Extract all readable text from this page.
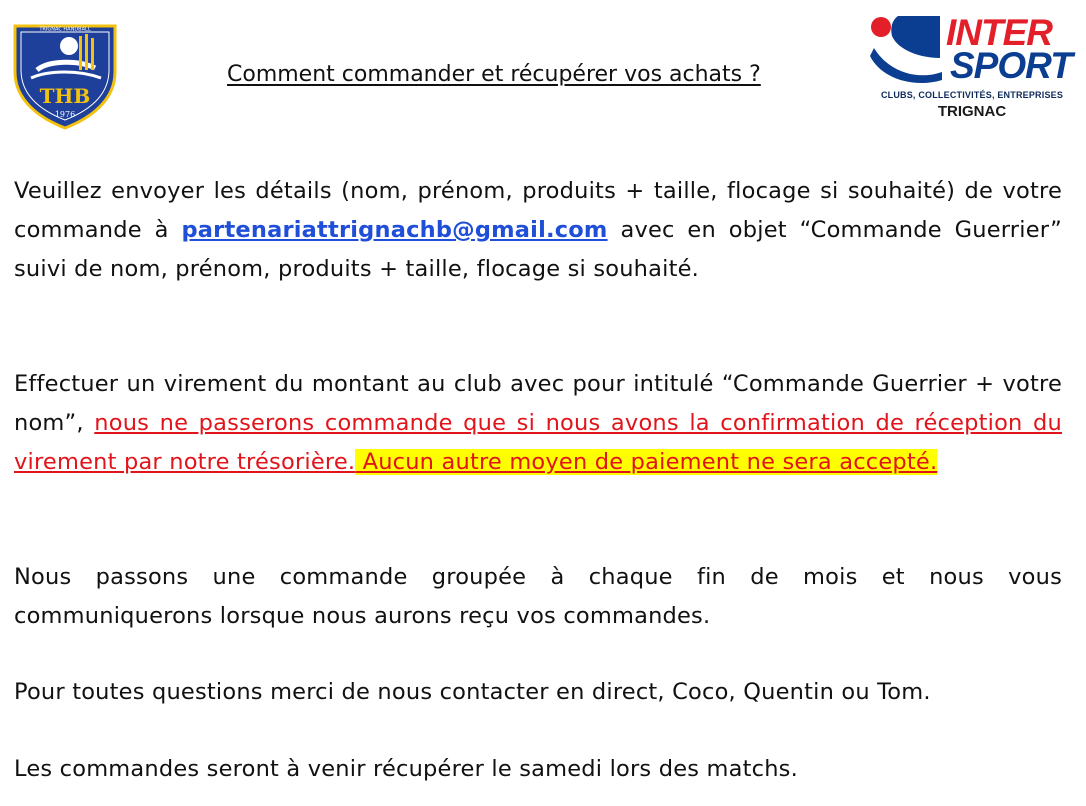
TRIGNAC HANDBALL
THB
1976
Comment commander et récupérer vos achats ?
INTER
SPORT
CLUBS, COLLECTIVITÉS, ENTREPRISES
TRIGNAC
Veuillez envoyer les détails (nom, prénom, produits + taille, flocage si souhaité) de votre commande à partenariattrignachb@gmail.com avec en objet “Commande Guerrier” suivi de nom, prénom, produits + taille, flocage si souhaité.
Effectuer un virement du montant au club avec pour intitulé “Commande Guerrier + votre nom”, nous ne passerons commande que si nous avons la confirmation de réception du virement par notre trésorière. Aucun autre moyen de paiement ne sera accepté.
Nous passons une commande groupée à chaque fin de mois et nous vous communiquerons lorsque nous aurons reçu vos commandes.
Pour toutes questions merci de nous contacter en direct, Coco, Quentin ou Tom.
Les commandes seront à venir récupérer le samedi lors des matchs.
